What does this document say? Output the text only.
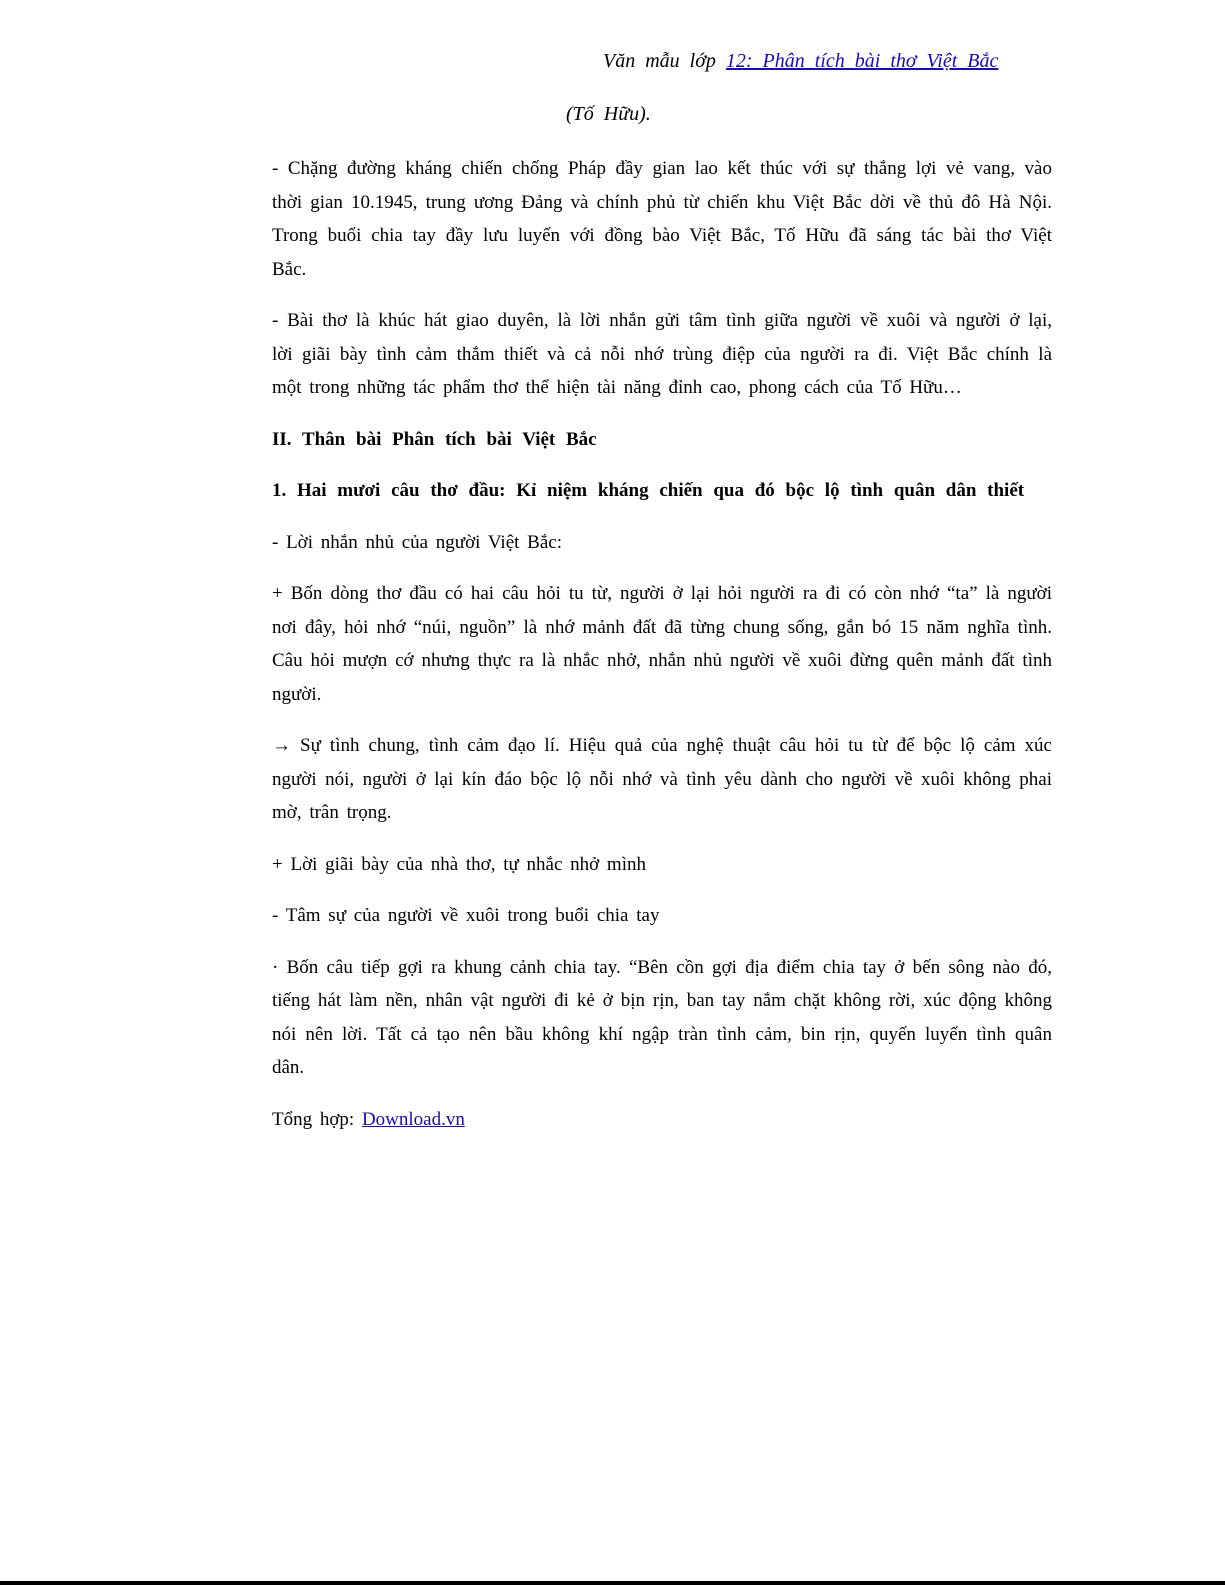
Văn mẫu lớp 12: Phân tích bài thơ Việt Bắc
(Tố Hữu).

- Chặng đường kháng chiến chống Pháp đầy gian lao kết thúc với sự thắng lợi vẻ vang, vào thời gian 10.1945, trung ương Đảng và chính phủ từ chiến khu Việt Bắc dời về thủ đô Hà Nội. Trong buổi chia tay đầy lưu luyến với đồng bào Việt Bắc, Tố Hữu đã sáng tác bài thơ Việt Bắc.

- Bài thơ là khúc hát giao duyên, là lời nhắn gửi tâm tình giữa người về xuôi và người ở lại, lời giãi bày tình cảm thắm thiết và cả nỗi nhớ trùng điệp của người ra đi. Việt Bắc chính là một trong những tác phẩm thơ thể hiện tài năng đỉnh cao, phong cách của Tố Hữu…

II. Thân bài Phân tích bài Việt Bắc

1. Hai mươi câu thơ đầu: Kỉ niệm kháng chiến qua đó bộc lộ tình quân dân thiết

- Lời nhắn nhủ của người Việt Bắc:

+ Bốn dòng thơ đầu có hai câu hỏi tu từ, người ở lại hỏi người ra đi có còn nhớ “ta” là người nơi đây, hỏi nhớ “núi, nguồn” là nhớ mảnh đất đã từng chung sống, gắn bó 15 năm nghĩa tình. Câu hỏi mượn cớ nhưng thực ra là nhắc nhở, nhắn nhủ người về xuôi đừng quên mảnh đất tình người.

→ Sự tình chung, tình cảm đạo lí. Hiệu quả của nghệ thuật câu hỏi tu từ để bộc lộ cảm xúc người nói, người ở lại kín đáo bộc lộ nỗi nhớ và tình yêu dành cho người về xuôi không phai mờ, trân trọng.

+ Lời giãi bày của nhà thơ, tự nhắc nhở mình

- Tâm sự của người về xuôi trong buổi chia tay

· Bốn câu tiếp gợi ra khung cảnh chia tay. “Bên cồn gợi địa điểm chia tay ở bến sông nào đó, tiếng hát làm nền, nhân vật người đi kẻ ở bịn rịn, ban tay nắm chặt không rời, xúc động không nói nên lời. Tất cả tạo nên bầu không khí ngập tràn tình cảm, bin rịn, quyến luyến tình quân dân.

Tổng hợp: Download.vn
